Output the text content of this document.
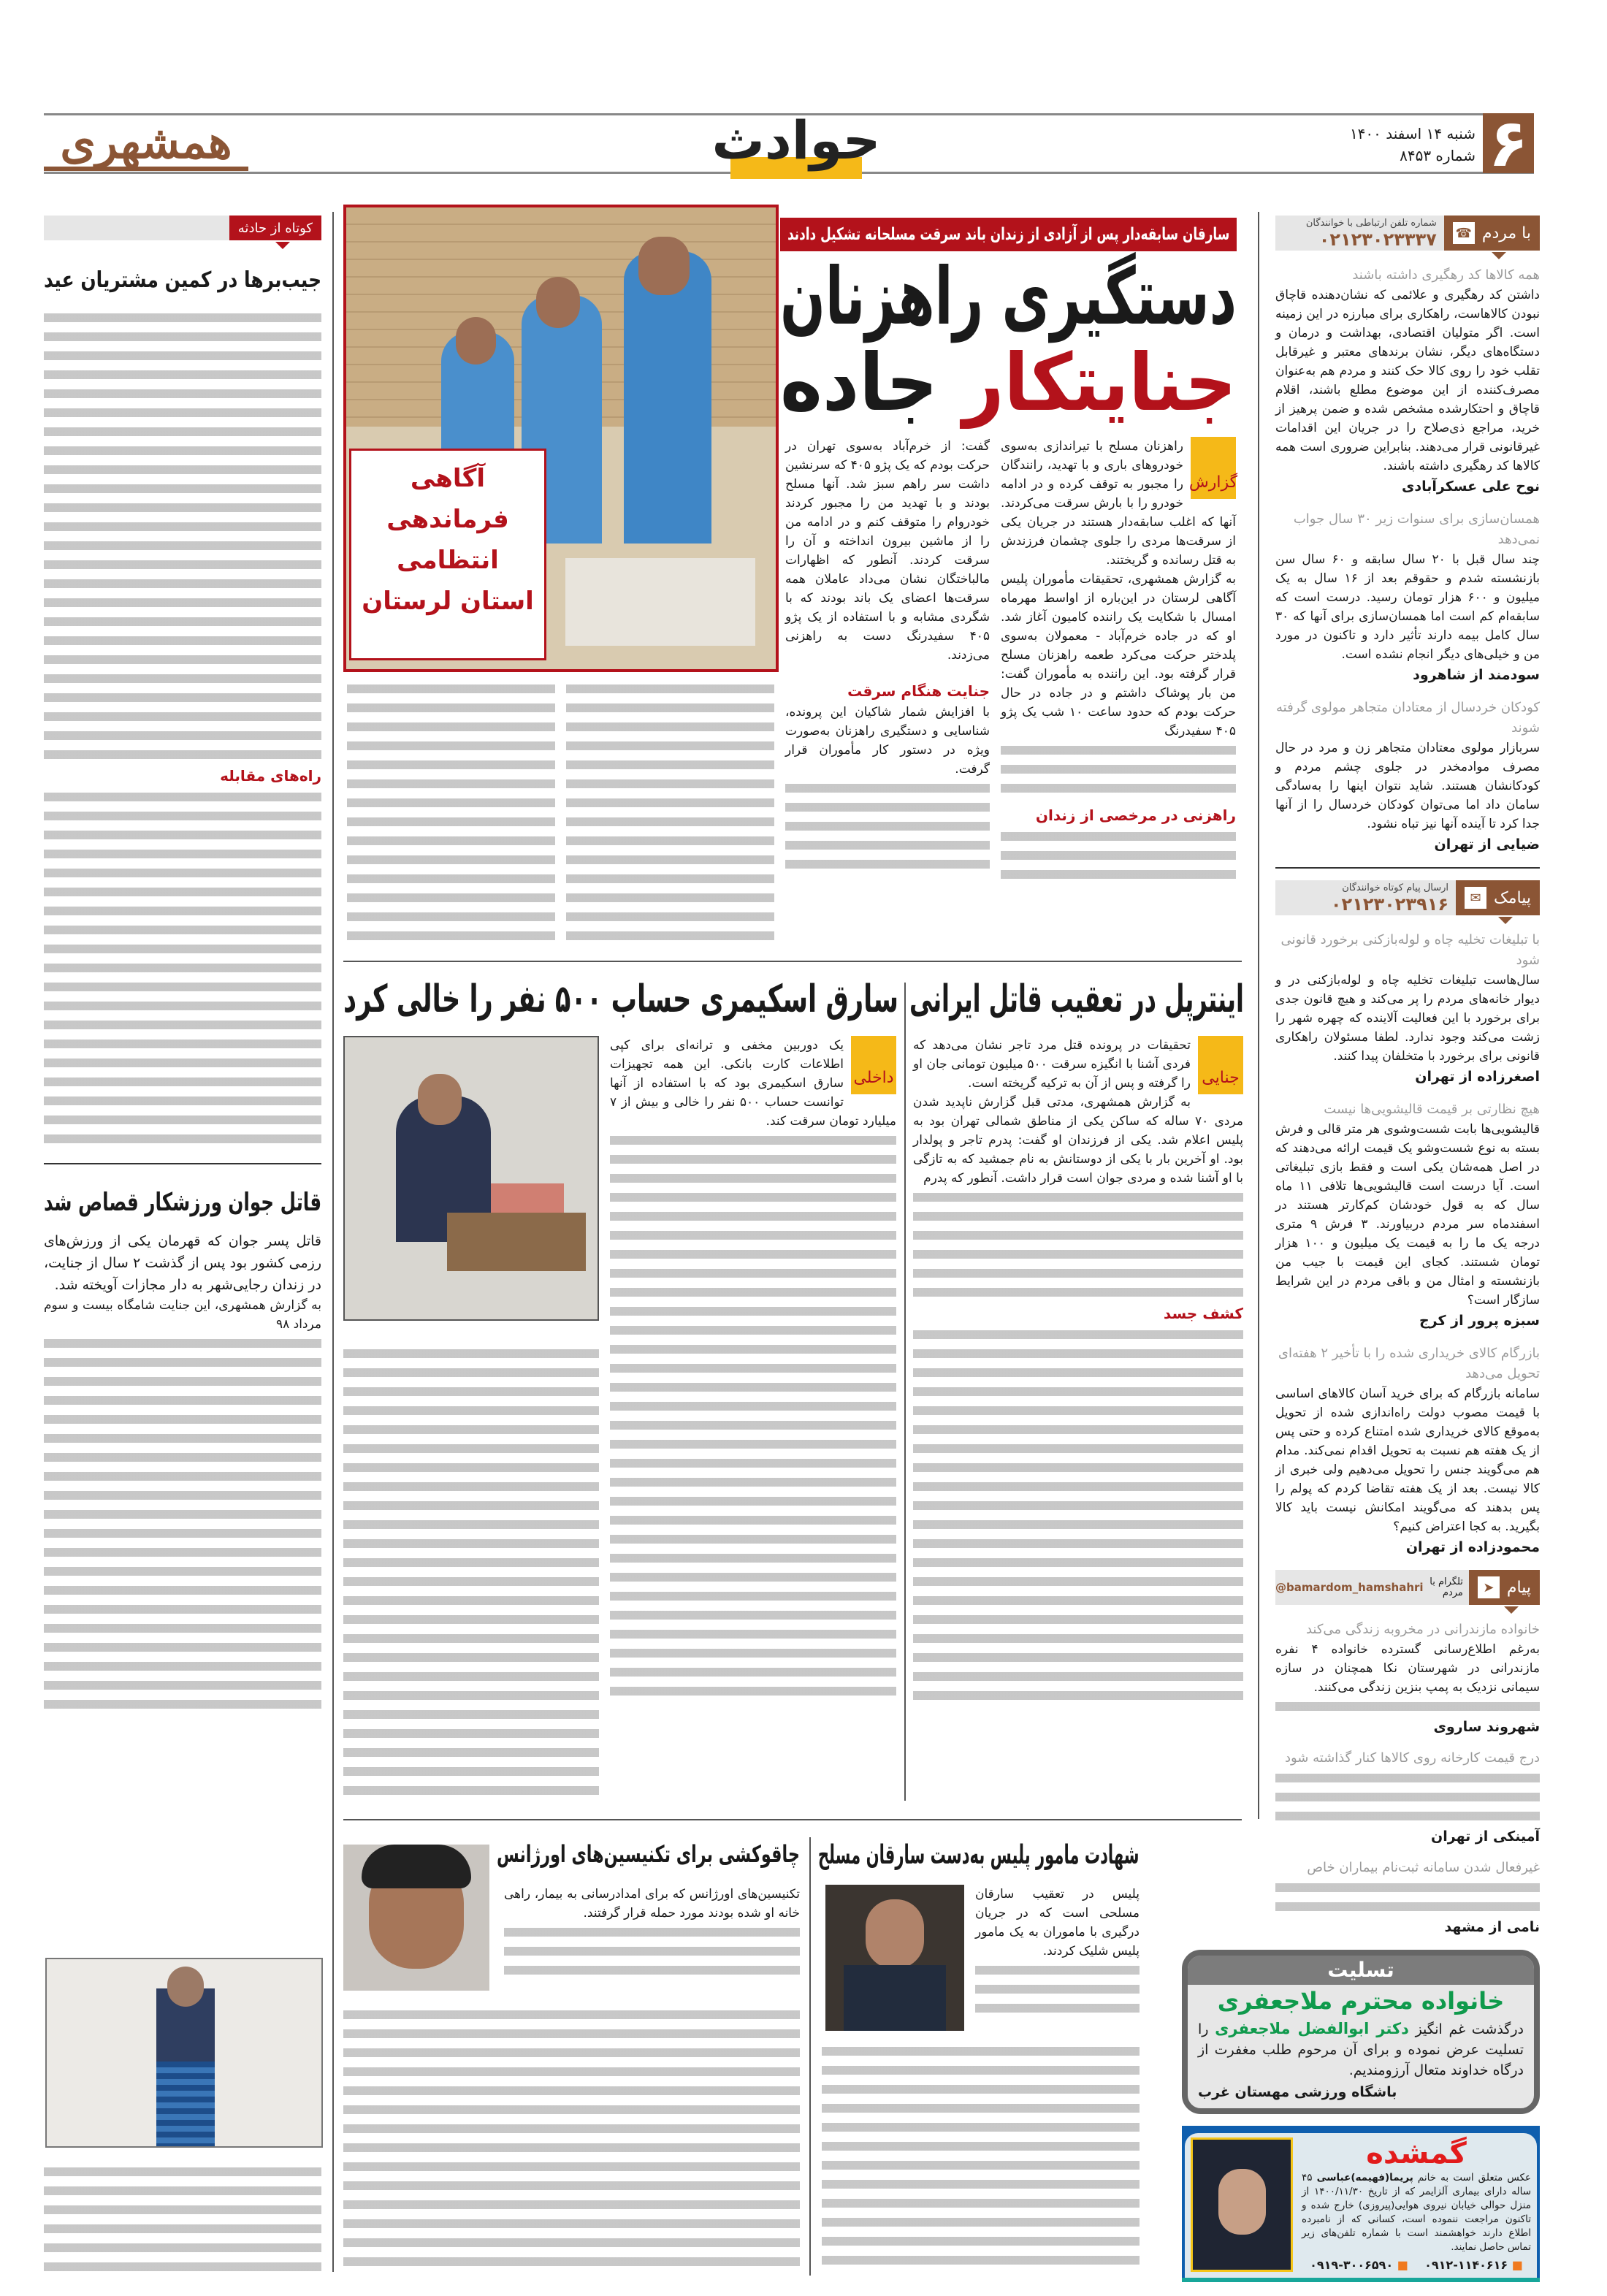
۶
شنبه ۱۴ اسفند ۱۴۰۰
شماره ۸۴۵۳
حوادث
همشهری
با مردم
☎
شماره تلفن ارتباطی با خوانندگان
۰۲۱۲۳۰۲۳۳۳۷
همه کالاها کد رهگیری داشته باشند
داشتن کد رهگیری و علائمی که نشان‌دهنده قاچاق نبودن کالاهاست، راهکاری برای مبارزه در این زمینه است. اگر متولیان اقتصادی، بهداشت و درمان و دستگاه‌های دیگر، نشان برندهای معتبر و غیرقابل تقلب خود را روی کالا حک کنند و مردم هم به‌عنوان مصرف‌کننده از این موضوع مطلع باشند، اقلام قاچاق و احتکارشده مشخص شده و ضمن پرهیز از خرید، مراجع ذی‌صلاح را در جریان این اقدامات غیرقانونی قرار می‌دهند. بنابراین ضروری است همه کالاها کد رهگیری داشته باشند.
نوح علی عسکرآبادی
همسان‌سازی برای سنوات زیر ۳۰ سال جواب نمی‌دهد
چند سال قبل با ۲۰ سال سابقه و ۶۰ سال سن بازنشسته شدم و حقوقم بعد از ۱۶ سال به یک میلیون و ۶۰۰ هزار تومان رسید. درست است که سابقه‌ام کم است اما همسان‌سازی برای آنها که ۳۰ سال کامل بیمه دارند تأثیر دارد و تاکنون در مورد من و خیلی‌های دیگر انجام نشده است.
سودمند از شاهرود
کودکان خردسال از معتادان متجاهر مولوی گرفته شوند
سربازار مولوی معتادان متجاهر زن و مرد در حال مصرف موادمخدر در جلوی چشم مردم و کودکانشان هستند. شاید نتوان اینها را به‌سادگی سامان داد اما می‌توان کودکان خردسال را از آنها جدا کرد تا آینده آنها نیز تباه نشود.
ضیایی از تهران
پیامک
✉
ارسال پیام کوتاه خوانندگان
۰۲۱۲۳۰۲۳۹۱۶
با تبلیغات تخلیه چاه و لوله‌بازکنی برخورد قانونی شود
سال‌هاست تبلیغات تخلیه چاه و لوله‌بازکنی در و دیوار خانه‌های مردم را پر می‌کند و هیچ قانون جدی برای برخورد با این فعالیت آلاینده که چهره شهر را زشت می‌کند وجود ندارد. لطفا مسئولان راهکاری قانونی برای برخورد با متخلفان پیدا کنند.
اصغرزاده از تهران
هیچ نظارتی بر قیمت قالیشویی‌ها نیست
قالیشویی‌ها بابت شست‌وشوی هر متر قالی و فرش بسته به نوع شست‌وشو یک قیمت ارائه می‌دهند که در اصل همه‌شان یکی است و فقط بازی تبلیغاتی است. آیا درست است قالیشویی‌ها تلافی ۱۱ ماه سال که به قول خودشان کم‌کارتر هستند در اسفندماه سر مردم دربیاورند. ۳ فرش ۹ متری درجه یک ما را به قیمت یک میلیون و ۱۰۰ هزار تومان شستند. کجای این قیمت با جیب من بازنشسته و امثال من و باقی مردم در این شرایط سازگار است؟
سبزه پرور از کرج
بازرگام کالای خریداری شده را با تأخیر ۲ هفته‌ای تحویل می‌دهد
سامانه بازرگام که برای خرید آسان کالاهای اساسی با قیمت مصوب دولت راه‌اندازی شده از تحویل به‌موقع کالای خریداری شده امتناع کرده و حتی پس از یک هفته هم نسبت به تحویل اقدام نمی‌کند. مدام هم می‌گویند جنس را تحویل می‌دهیم ولی خبری از کالا نیست. بعد از یک هفته تقاضا کردم که پولم را پس بدهند که می‌گویند امکانش نیست باید کالا بگیرید. به کجا اعتراض کنیم؟
محمودزاده از تهران
پیام
➤
تلگرام با مردم
@bamardom_hamshahri
خانواده مازندرانی در مخروبه زندگی می‌کند
به‌رغم اطلاع‌رسانی گسترده خانواده ۴ نفره مازندرانی در شهرستان نکا همچنان در سازه سیمانی نزدیک به پمپ بنزین زندگی می‌کنند.
شهروند ساروی
درج قیمت کارخانه روی کالاها کنار گذاشته شود
آمینکی از تهران
غیرفعال شدن سامانه ثبت‌نام بیماران خاص
نامی از مشهد
تسلیت
خانواده محترم ملاجعفری
درگذشت غم انگیز دکتر ابوالفضل ملاجعفری را تسلیت عرض نموده و برای آن مرحوم طلب مغفرت از درگاه خداوند متعال آرزومندیم.
باشگاه ورزشی مهستان غرب
گمشده
عکس متعلق است به خانم پریما(فهیمه)عباسی ۴۵ ساله دارای بیماری آلزایمر که از تاریخ ۱۴۰۰/۱۱/۳۰ از منزل حوالی خیابان نیروی هوایی(پیروزی) خارج شده و تاکنون مراجعت ننموده است، کسانی که از نامبرده اطلاع دارند خواهشمند است با شماره تلفن‌های زیر تماس حاصل نمایند.
■ ۰۹۱۲-۱۱۴۰۶۱۶
■ ۰۹۱۹-۳۰۰۶۵۹۰
سارقان سابقه‌دار پس از آزادی از زندان باند سرقت مسلحانه تشکیل دادند
آگاهی فرماندهی انتظامی استان لرستان
دستگیری راهزنان
جنایتکار جاده
گزارش
راهزنان مسلح با تیراندازی به‌سوی خودروهای باری و با تهدید، رانندگان را مجبور به توقف کرده و در ادامه خودرو را با بارش سرقت می‌کردند. آنها که اغلب سابقه‌دار هستند در جریان یکی از سرقت‌ها مردی را جلوی چشمان فرزندش به قتل رسانده و گریختند.
به گزارش همشهری، تحقیقات مأموران پلیس آگاهی لرستان در این‌باره از اواسط مهرماه امسال با شکایت یک راننده کامیون آغاز شد. او که در جاده خرم‌آباد - معمولان به‌سوی پلدختر حرکت می‌کرد طعمه راهزنان مسلح قرار گرفته بود. این راننده به مأموران گفت: من بار پوشاک داشتم و در جاده در حال حرکت بودم که حدود ساعت ۱۰ شب یک پژو ۴۰۵ سفیدرنگ
راهزنی در مرخصی از زندان
گفت: از خرم‌آباد به‌سوی تهران در حرکت بودم که یک پژو ۴۰۵ که سرنشین داشت سر راهم سبز شد. آنها مسلح بودند و با تهدید من را مجبور کردند خودروام را متوقف کنم و در ادامه من را از ماشین بیرون انداخته و آن را سرقت کردند. آنطور که اظهارات مالباختگان نشان می‌داد عاملان همه سرقت‌ها اعضای یک باند بودند که با شگردی مشابه و با استفاده از یک پژو ۴۰۵ سفیدرنگ دست به راهزنی می‌زدند.
جنایت هنگام سرقت
با افزایش شمار شاکیان این پرونده، شناسایی و دستگیری راهزنان به‌صورت ویژه در دستور کار مأموران قرار گرفت.
کوتاه از حادثه
جیب‌برها در کمین مشتریان عید
راه‌های مقابله
قاتل جوان ورزشکار قصاص شد
قاتل پسر جوان که قهرمان یکی از ورزش‌های رزمی کشور بود پس از گذشت ۲ سال از جنایت، در زندان رجایی‌شهر به دار مجازات آویخته شد.
به گزارش همشهری، این جنایت شامگاه بیست و سوم مرداد ۹۸
اینترپل در تعقیب قاتل ایرانی
جنایی
تحقیقات در پرونده قتل مرد تاجر نشان می‌دهد که فردی آشنا با انگیزه سرقت ۵۰۰ میلیون تومانی جان او را گرفته و پس از آن به ترکیه گریخته است.
به گزارش همشهری، مدتی قبل گزارش ناپدید شدن مردی ۷۰ ساله که ساکن یکی از مناطق شمالی تهران بود به پلیس اعلام شد. یکی از فرزندان او گفت: پدرم تاجر و پولدار بود. او آخرین بار با یکی از دوستانش به نام جمشید که به تازگی با او آشنا شده و مردی جوان است قرار داشت. آنطور که پدرم
کشف جسد
سارق اسکیمری حساب ۵۰۰ نفر را خالی کرد
داخلی
یک دوربین مخفی و ترانه‌ای برای کپی اطلاعات کارت بانکی. این همه تجهیزات سارق اسکیمری بود که با استفاده از آنها توانست حساب ۵۰۰ نفر را خالی و بیش از ۷ میلیارد تومان سرقت کند.
شهادت مامور پلیس به‌دست سارقان مسلح
پلیس در تعقیب سارقان مسلحی است که در جریان درگیری با ماموران به یک مامور پلیس شلیک کردند.
چاقوکشی برای تکنیسین‌های اورژانس
تکنیسین‌های اورژانس که برای امدادرسانی به بیمار، راهی خانه او شده بودند مورد حمله قرار گرفتند.
